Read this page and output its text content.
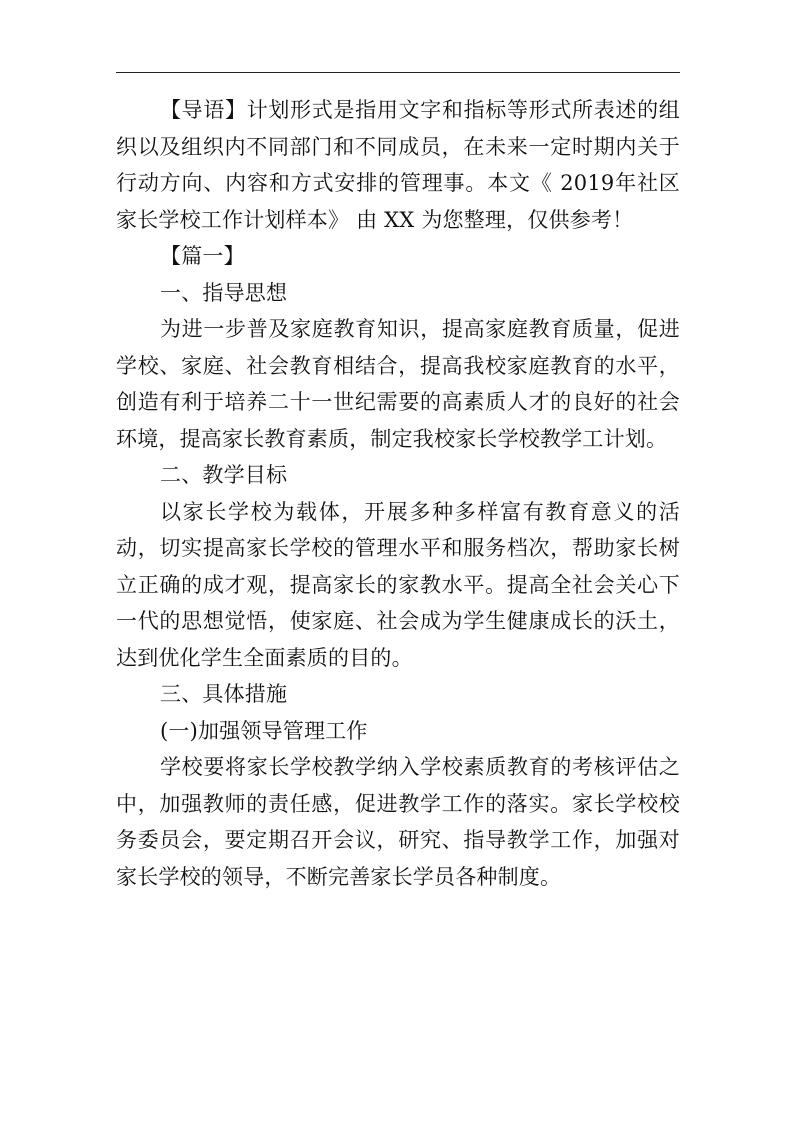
【导语】计划形式是指用文字和指标等形式所表述的组织以及组织内不同部门和不同成员，在未来一定时期内关于行动方向、内容和方式安排的管理事。本文《 2019年社区家长学校工作计划样本》 由 XX 为您整理，仅供参考！

【篇一】

一、指导思想

为进一步普及家庭教育知识，提高家庭教育质量，促进学校、家庭、社会教育相结合，提高我校家庭教育的水平，创造有利于培养二十一世纪需要的高素质人才的良好的社会环境，提高家长教育素质，制定我校家长学校教学工计划。

二、教学目标

以家长学校为载体，开展多种多样富有教育意义的活动，切实提高家长学校的管理水平和服务档次，帮助家长树立正确的成才观，提高家长的家教水平。提高全社会关心下一代的思想觉悟，使家庭、社会成为学生健康成长的沃土，达到优化学生全面素质的目的。

三、具体措施

(一)加强领导管理工作

学校要将家长学校教学纳入学校素质教育的考核评估之中，加强教师的责任感，促进教学工作的落实。家长学校校务委员会，要定期召开会议，研究、指导教学工作，加强对家长学校的领导，不断完善家长学员各种制度。
